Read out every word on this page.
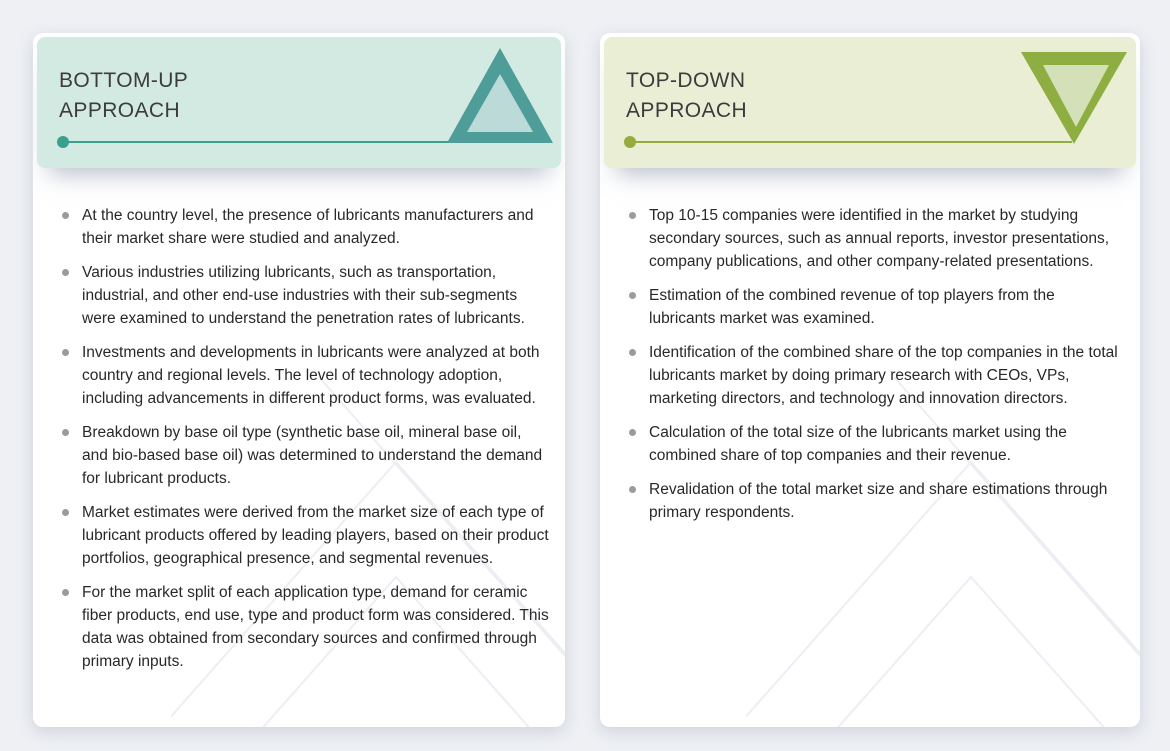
BOTTOM-UP
APPROACH
At the country level, the presence of lubricants manufacturers and their market share were studied and analyzed.
Various industries utilizing lubricants, such as transportation, industrial, and other end-use industries with their sub-segments were examined to understand the penetration rates of lubricants.
Investments and developments in lubricants were analyzed at both country and regional levels. The level of technology adoption, including advancements in different product forms, was evaluated.
Breakdown by base oil type (synthetic base oil, mineral base oil, and bio-based base oil) was determined to understand the demand for lubricant products.
Market estimates were derived from the market size of each type of lubricant products offered by leading players, based on their product portfolios, geographical presence, and segmental revenues.
For the market split of each application type, demand for ceramic fiber products, end use, type and product form was considered. This data was obtained from secondary sources and confirmed through primary inputs.
TOP-DOWN
APPROACH
Top 10-15 companies were identified in the market by studying secondary sources, such as annual reports, investor presentations, company publications, and other company-related presentations.
Estimation of the combined revenue of top players from the lubricants market was examined.
Identification of the combined share of the top companies in the total lubricants market by doing primary research with CEOs, VPs, marketing directors, and technology and innovation directors.
Calculation of the total size of the lubricants market using the combined share of top companies and their revenue.
Revalidation of the total market size and share estimations through primary respondents.
